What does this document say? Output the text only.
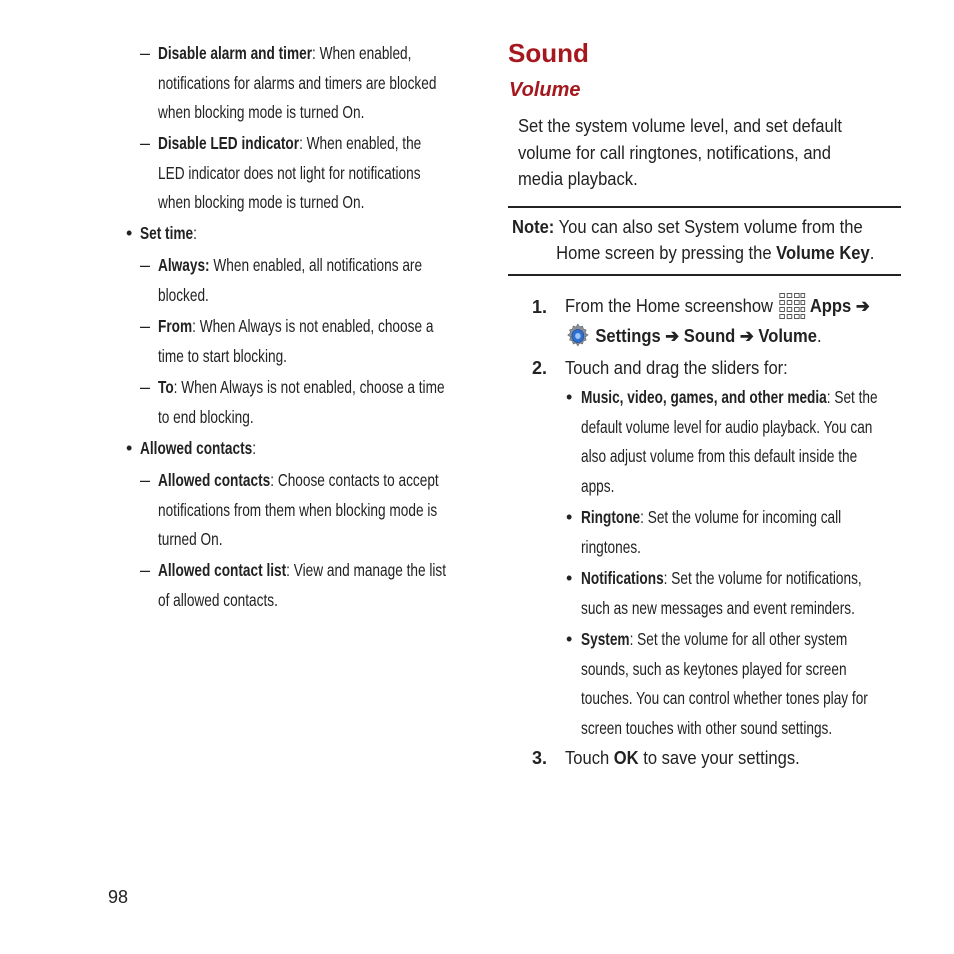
– Disable alarm and timer: When enabled,
notifications for alarms and timers are blocked
when blocking mode is turned On.
– Disable LED indicator: When enabled, the
LED indicator does not light for notifications
when blocking mode is turned On.
• Set time:
– Always: When enabled, all notifications are
blocked.
– From: When Always is not enabled, choose a
time to start blocking.
– To: When Always is not enabled, choose a time
to end blocking.
• Allowed contacts:
– Allowed contacts: Choose contacts to accept
notifications from them when blocking mode is
turned On.
– Allowed contact list: View and manage the list
of allowed contacts.
Sound
Volume
Set the system volume level, and set default
volume for call ringtones, notifications, and
media playback.
Note: You can also set System volume from the
Home screen by pressing the Volume Key.
1. From the Home screenshow
Apps ➔
Settings ➔ Sound ➔ Volume.
2. Touch and drag the sliders for:
• Music, video, games, and other media: Set the
default volume level for audio playback. You can
also adjust volume from this default inside the
apps.
• Ringtone: Set the volume for incoming call
ringtones.
• Notifications: Set the volume for notifications,
such as new messages and event reminders.
• System: Set the volume for all other system
sounds, such as keytones played for screen
touches. You can control whether tones play for
screen touches with other sound settings.
3. Touch OK to save your settings.
98
